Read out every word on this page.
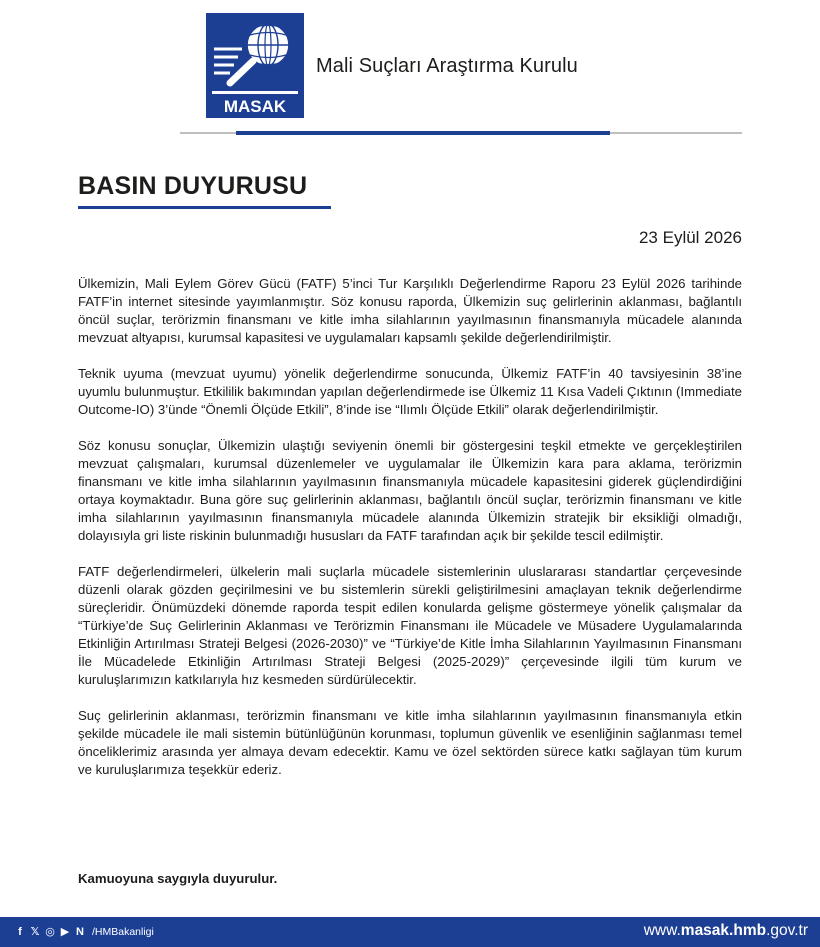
MASAK
Mali Suçları Araştırma Kurulu
BASIN DUYURUSU
23 Eylül 2026

Ülkemizin, Mali Eylem Görev Gücü (FATF) 5’inci Tur Karşılıklı Değerlendirme Raporu 23 Eylül 2026 tarihinde FATF’in internet sitesinde yayımlanmıştır. Söz konusu raporda, Ülkemizin suç gelirlerinin aklanması, bağlantılı öncül suçlar, terörizmin finansmanı ve kitle imha silahlarının yayılmasının finansmanıyla mücadele alanında mevzuat altyapısı, kurumsal kapasitesi ve uygulamaları kapsamlı şekilde değerlendirilmiştir.

Teknik uyuma (mevzuat uyumu) yönelik değerlendirme sonucunda, Ülkemiz FATF’in 40 tavsiyesinin 38’ine uyumlu bulunmuştur. Etkililik bakımından yapılan değerlendirmede ise Ülkemiz 11 Kısa Vadeli Çıktının (Immediate Outcome-IO) 3’ünde “Önemli Ölçüde Etkili”, 8’inde ise “Ilımlı Ölçüde Etkili” olarak değerlendirilmiştir.

Söz konusu sonuçlar, Ülkemizin ulaştığı seviyenin önemli bir göstergesini teşkil etmekte ve gerçekleştirilen mevzuat çalışmaları, kurumsal düzenlemeler ve uygulamalar ile Ülkemizin kara para aklama, terörizmin finansmanı ve kitle imha silahlarının yayılmasının finansmanıyla mücadele kapasitesini giderek güçlendirdiğini ortaya koymaktadır. Buna göre suç gelirlerinin aklanması, bağlantılı öncül suçlar, terörizmin finansmanı ve kitle imha silahlarının yayılmasının finansmanıyla mücadele alanında Ülkemizin stratejik bir eksikliği olmadığı, dolayısıyla gri liste riskinin bulunmadığı hususları da FATF tarafından açık bir şekilde tescil edilmiştir.

FATF değerlendirmeleri, ülkelerin mali suçlarla mücadele sistemlerinin uluslararası standartlar çerçevesinde düzenli olarak gözden geçirilmesini ve bu sistemlerin sürekli geliştirilmesini amaçlayan teknik değerlendirme süreçleridir. Önümüzdeki dönemde raporda tespit edilen konularda gelişme göstermeye yönelik çalışmalar da “Türkiye’de Suç Gelirlerinin Aklanması ve Terörizmin Finansmanı ile Mücadele ve Müsadere Uygulamalarında Etkinliğin Artırılması Strateji Belgesi (2026-2030)” ve “Türkiye’de Kitle İmha Silahlarının Yayılmasının Finansmanı İle Mücadelede Etkinliğin Artırılması Strateji Belgesi (2025-2029)” çerçevesinde ilgili tüm kurum ve kuruluşlarımızın katkılarıyla hız kesmeden sürdürülecektir.

Suç gelirlerinin aklanması, terörizmin finansmanı ve kitle imha silahlarının yayılmasının finansmanıyla etkin şekilde mücadele ile mali sistemin bütünlüğünün korunması, toplumun güvenlik ve esenliğinin sağlanması temel önceliklerimiz arasında yer almaya devam edecektir. Kamu ve özel sektörden sürece katkı sağlayan tüm kurum ve kuruluşlarımıza teşekkür ederiz.

Kamuoyuna saygıyla duyurulur.
f 𝕏 ◎ ▶ N /HMBakanligi	www.masak.hmb.gov.tr
